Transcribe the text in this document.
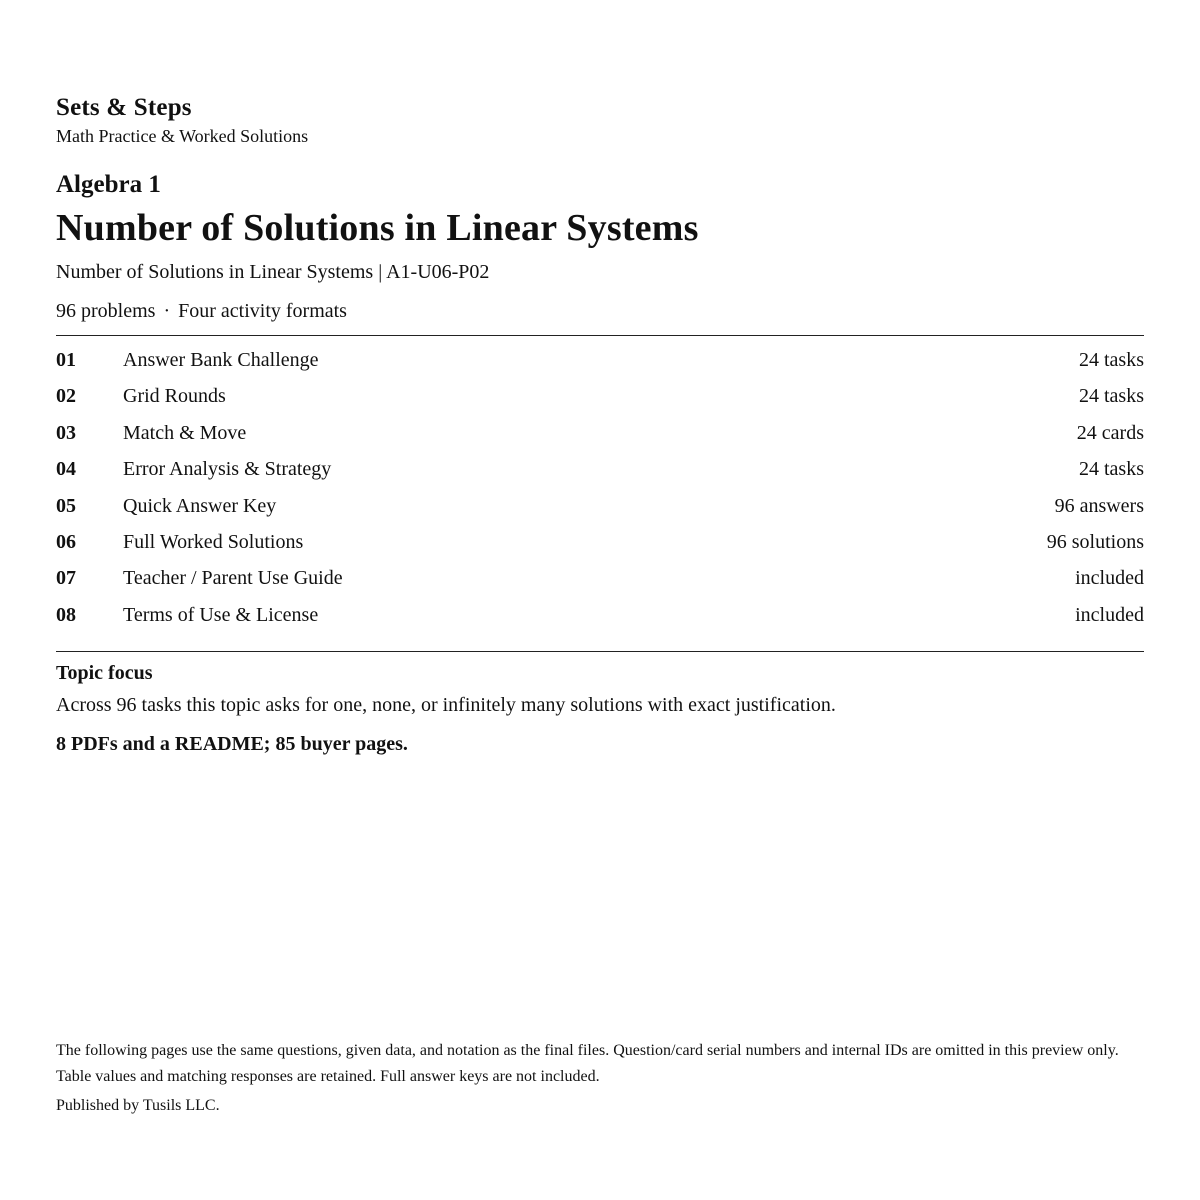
Sets & Steps
Math Practice & Worked Solutions
Algebra 1
Number of Solutions in Linear Systems
Number of Solutions in Linear Systems | A1-U06-P02
96 problems · Four activity formats
01 Answer Bank Challenge	24 tasks
02 Grid Rounds	24 tasks
03 Match & Move	24 cards
04 Error Analysis & Strategy	24 tasks
05 Quick Answer Key	96 answers
06 Full Worked Solutions	96 solutions
07 Teacher / Parent Use Guide	included
08 Terms of Use & License	included
Topic focus
Across 96 tasks this topic asks for one, none, or infinitely many solutions with exact justification.
8 PDFs and a README; 85 buyer pages.
The following pages use the same questions, given data, and notation as the final files. Question/card serial numbers and internal IDs are omitted in this preview only. Table values and matching responses are retained. Full answer keys are not included.
Published by Tusils LLC.
